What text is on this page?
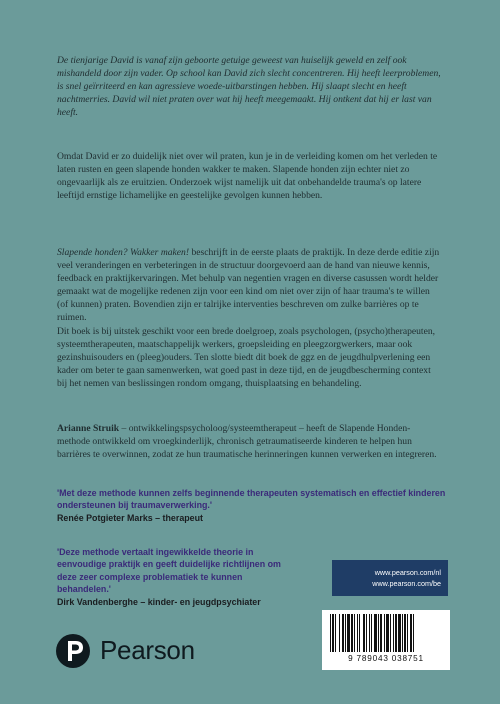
De tienjarige David is vanaf zijn geboorte getuige geweest van huiselijk geweld en zelf ook mishandeld door zijn vader. Op school kan David zich slecht concentreren. Hij heeft leerproblemen, is snel geïrriteerd en kan agressieve woede-uitbarstingen hebben. Hij slaapt slecht en heeft nachtmerries. David wil niet praten over wat hij heeft meegemaakt. Hij ontkent dat hij er last van heeft.

Omdat David er zo duidelijk niet over wil praten, kun je in de verleiding komen om het verleden te laten rusten en geen slapende honden wakker te maken. Slapende honden zijn echter niet zo ongevaarlijk als ze eruitzien. Onderzoek wijst namelijk uit dat onbehandelde trauma's op latere leeftijd ernstige lichamelijke en geestelijke gevolgen kunnen hebben.

Slapende honden? Wakker maken! beschrijft in de eerste plaats de praktijk. In deze derde editie zijn veel veranderingen en verbeteringen in de structuur doorgevoerd aan de hand van nieuwe kennis, feedback en praktijkervaringen. Met behulp van negentien vragen en diverse casussen wordt helder gemaakt wat de mogelijke redenen zijn voor een kind om niet over zijn of haar trauma's te willen (of kunnen) praten. Bovendien zijn er talrijke interventies beschreven om zulke barrières op te ruimen.

Dit boek is bij uitstek geschikt voor een brede doelgroep, zoals psychologen, (psycho)therapeuten, systeemtherapeuten, maatschappelijk werkers, groepsleiding en pleegzorgwerkers, maar ook gezinshuisouders en (pleeg)ouders. Ten slotte biedt dit boek de ggz en de jeugdhulpverlening een kader om beter te gaan samenwerken, wat goed past in deze tijd, en de jeugdbescherming context bij het nemen van beslissingen rondom omgang, thuisplaatsing en behandeling.

Arianne Struik – ontwikkelingspsycholoog/systeemtherapeut – heeft de Slapende Honden-methode ontwikkeld om vroegkinderlijk, chronisch getraumatiseerde kinderen te helpen hun barrières te overwinnen, zodat ze hun traumatische herinneringen kunnen verwerken en integreren.

'Met deze methode kunnen zelfs beginnende therapeuten systematisch en effectief kinderen ondersteunen bij traumaverwerking.'
Renée Potgieter Marks – therapeut

'Deze methode vertaalt ingewikkelde theorie in eenvoudige praktijk en geeft duidelijke richtlijnen om deze zeer complexe problematiek te kunnen behandelen.'
Dirk Vandenberghe – kinder- en jeugdpsychiater

www.pearson.com/nl
www.pearson.com/be
Pearson	9 789043 038751
